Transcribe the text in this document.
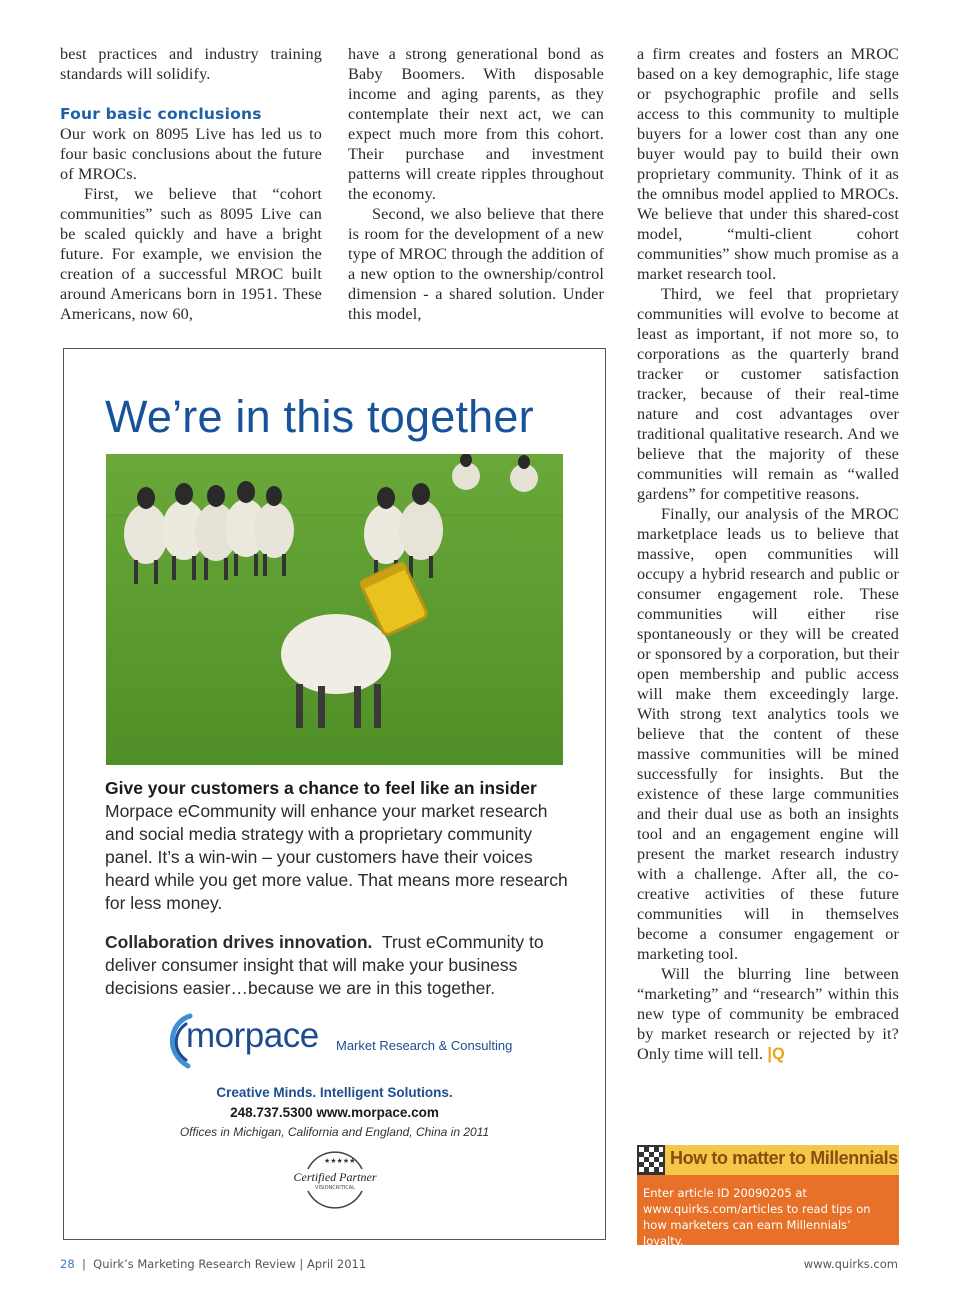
best practices and industry training standards will solidify.

Four basic conclusions

Our work on 8095 Live has led us to four basic conclusions about the future of MROCs.

First, we believe that “cohort communities” such as 8095 Live can be scaled quickly and have a bright future. For example, we envision the creation of a successful MROC built around Americans born in 1951. These Americans, now 60,

have a strong generational bond as Baby Boomers. With disposable income and aging parents, as they contemplate their next act, we can expect much more from this cohort. Their purchase and investment patterns will create ripples throughout the economy.

Second, we also believe that there is room for the development of a new type of MROC through the addition of a new option to the ownership/control dimension - a shared solution. Under this model,

a firm creates and fosters an MROC based on a key demographic, life stage or psychographic profile and sells access to this community to multiple buyers for a lower cost than any one buyer would pay to build their own proprietary community. Think of it as the omnibus model applied to MROCs. We believe that under this shared-cost model, “multi-client cohort communities” show much promise as a market research tool.

Third, we feel that proprietary communities will evolve to become at least as important, if not more so, to corporations as the quarterly brand tracker or customer satisfaction tracker, because of their real-time nature and cost advantages over traditional qualitative research. And we believe that the majority of these communities will remain as “walled gardens” for competitive reasons.

Finally, our analysis of the MROC marketplace leads us to believe that massive, open communities will occupy a hybrid research and public or consumer engagement role. These communities will either rise spontaneously or they will be created or sponsored by a corporation, but their open membership and public access will make them exceedingly large. With strong text analytics tools we believe that the content of these massive communities will be mined successfully for insights. But the existence of these large communities and their dual use as both an insights tool and an engagement engine will present the market research industry with a challenge. After all, the co-creative activities of these future communities will in themselves become a consumer engagement or marketing tool.

Will the blurring line between “marketing” and “research” within this new type of community be embraced by market research or rejected by it? Only time will tell. |Q

We’re in this together
Give your customers a chance to feel like an insider
Morpace eCommunity will enhance your market research and social media strategy with a proprietary community panel. It’s a win-win – your customers have their voices heard while you get more value. That means more research for less money.
Collaboration drives innovation. Trust eCommunity to deliver consumer insight that will make your business decisions easier…because we are in this together.
morpace Market Research & Consulting
Creative Minds. Intelligent Solutions.
248.737.5300 www.morpace.com
Offices in Michigan, California and England, China in 2011
★★★★★
Certified Partner
VISIONCRITICAL
How to matter to Millennials
Enter article ID 20090205 at www.quirks.com/articles to read tips on how marketers can earn Millennials’ loyalty.
28  |  Quirk’s Marketing Research Review | April 2011	www.quirks.com
